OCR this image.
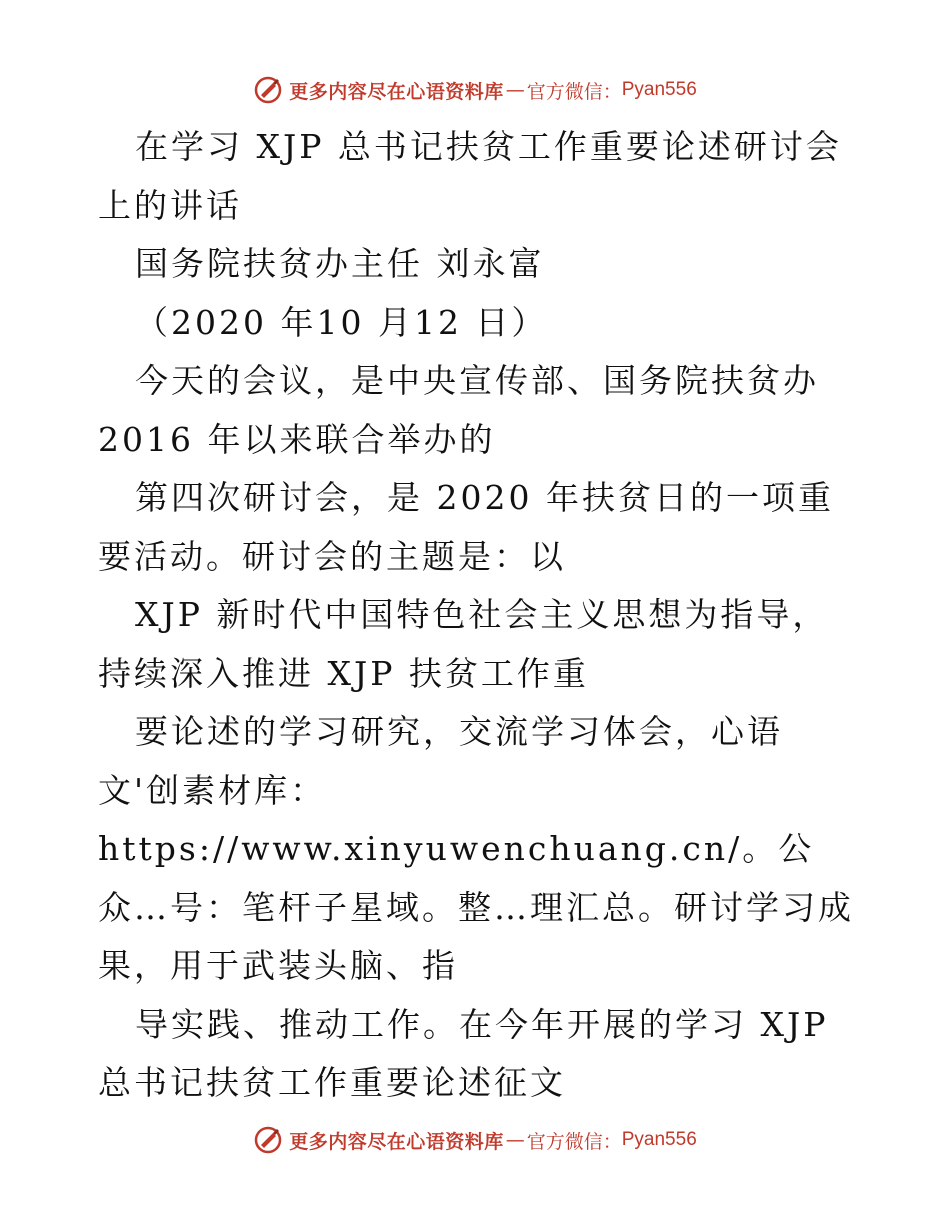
更多内容尽在心语资料库 — 官方微信： Pyan556

在学习 XJP 总书记扶贫工作重要论述研讨会上的讲话

国务院扶贫办主任 刘永富

（2020 年10 月12 日）

今天的会议，是中央宣传部、国务院扶贫办2016 年以来联合举办的

第四次研讨会，是 2020 年扶贫日的一项重要活动。研讨会的主题是：以

XJP 新时代中国特色社会主义思想为指导，持续深入推进 XJP 扶贫工作重

要论述的学习研究，交流学习体会，心语文'创素材库：https://www.xinyuwenchuang.cn/。公众…号：笔杆子星域。整…理汇总。研讨学习成果，用于武装头脑、指

导实践、推动工作。在今年开展的学习 XJP 总书记扶贫工作重要论述征文

更多内容尽在心语资料库 — 官方微信： Pyan556
